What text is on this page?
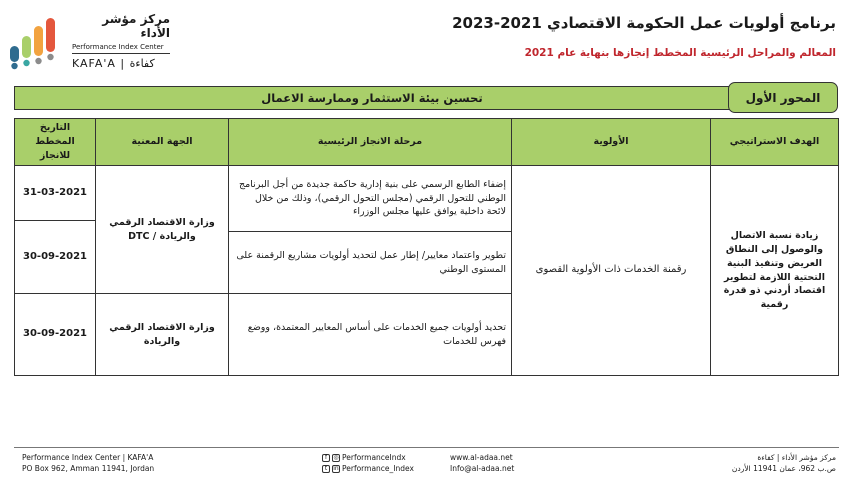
مركز مؤشر الأداء
Performance Index Center
KAFA'A | كفاءة
برنامج أولويات عمل الحكومة الاقتصادي 2021-2023
المعالم والمراحل الرئيسية المخطط إنجازها بنهاية عام 2021
تحسين بيئة الاستثمار وممارسة الاعمال	المحور الأول
الهدف الاستراتيجي
الأولوية
مرحلة الانجاز الرئيسية
الجهة المعنية
التاريخ المخطط للانجاز
زيادة نسبة الاتصال والوصول إلى النطاق العريض وتنفيذ البنية التحتية اللازمة لتطوير اقتصاد أردني ذو قدرة رقمية
رقمنة الخدمات ذات الأولوية القصوى
إضفاء الطابع الرسمي على بنية إدارية حاكمة جديدة من أجل البرنامج الوطني للتحول الرقمي (مجلس التحول الرقمي)، وذلك من خلال لائحة داخلية يوافق عليها مجلس الوزراء
تطوير واعتماد معايير/ إطار عمل لتحديد أولويات مشاريع الرقمنة على المستوى الوطني
تحديد أولويات جميع الخدمات على أساس المعايير المعتمدة، ووضع فهرس للخدمات
وزارة الاقتصاد الرقمي والريادة / DTC
وزارة الاقتصاد الرقمي والريادة
31-03-2021
30-09-2021
30-09-2021
Performance Index Center | KAFA'A
PO Box 962, Amman 11941, Jordan
f ◎ PerformanceIndx
t in Performance_Index
www.al-adaa.net
Info@al-adaa.net
مركز مؤشر الأداء | كفاءة
ص.ب 962، عمان 11941 الأردن
